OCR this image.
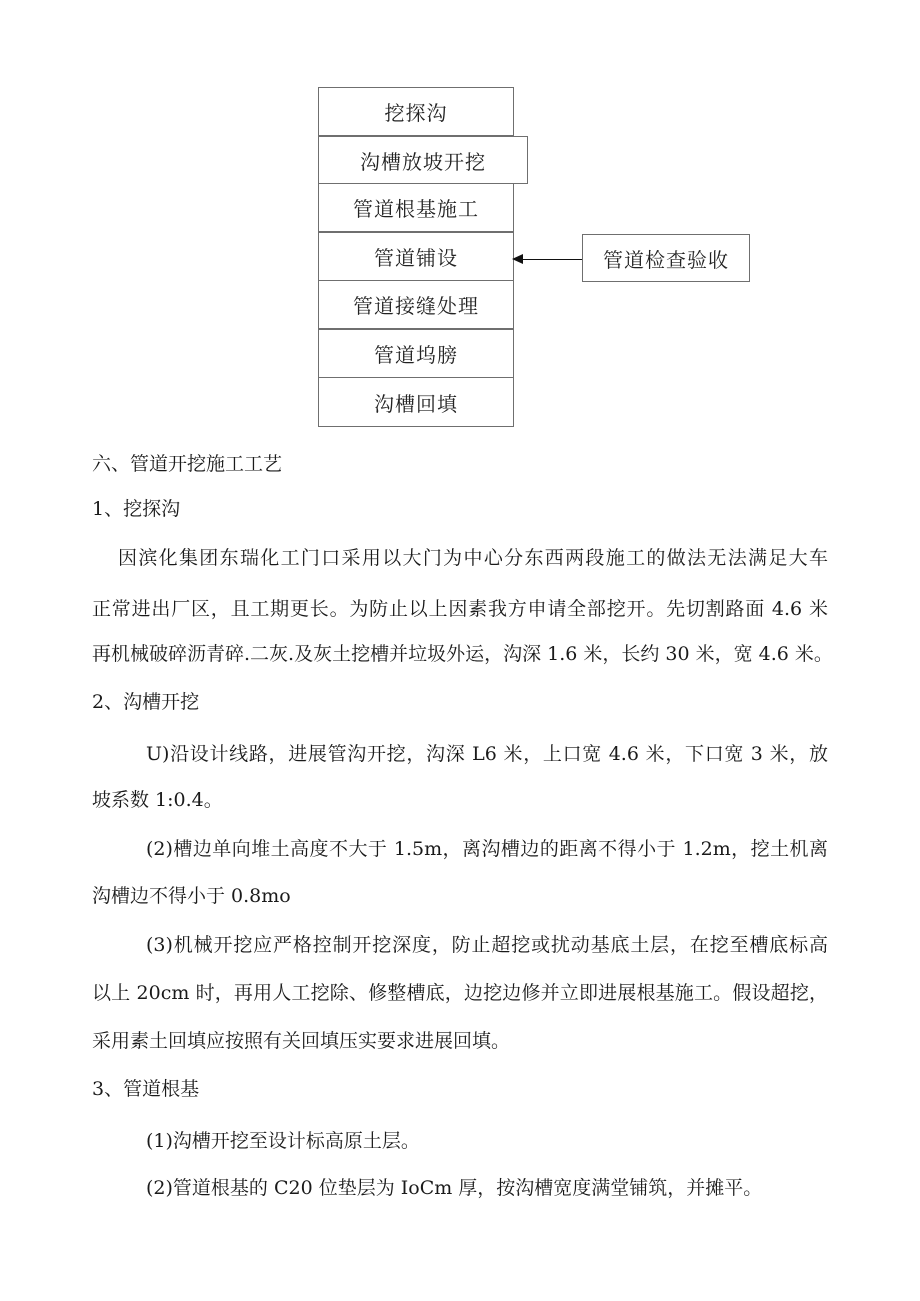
挖探沟
沟槽放坡开挖
管道根基施工
管道铺设
管道接缝处理
管道坞膀
沟槽回填
管道检查验收
六、管道开挖施工工艺
1、挖探沟
因滨化集团东瑞化工门口采用以大门为中心分东西两段施工的做法无法满足大车
正常进出厂区，且工期更长。为防止以上因素我方申请全部挖开。先切割路面 4.6 米
再机械破碎沥青碎.二灰.及灰土挖槽并垃圾外运，沟深 1.6 米，长约 30 米，宽 4.6 米。
2、沟槽开挖
U)沿设计线路，进展管沟开挖，沟深 L6 米，上口宽 4.6 米，下口宽 3 米，放
坡系数 1:0.4。
(2)槽边单向堆土高度不大于 1.5m，离沟槽边的距离不得小于 1.2m，挖土机离
沟槽边不得小于 0.8mo
(3)机械开挖应严格控制开挖深度，防止超挖或扰动基底土层，在挖至槽底标高
以上 20cm 时，再用人工挖除、修整槽底，边挖边修并立即进展根基施工。假设超挖，
采用素土回填应按照有关回填压实要求进展回填。
3、管道根基
(1)沟槽开挖至设计标高原土层。
(2)管道根基的 C20 位垫层为 IoCm 厚，按沟槽宽度满堂铺筑，并摊平。
